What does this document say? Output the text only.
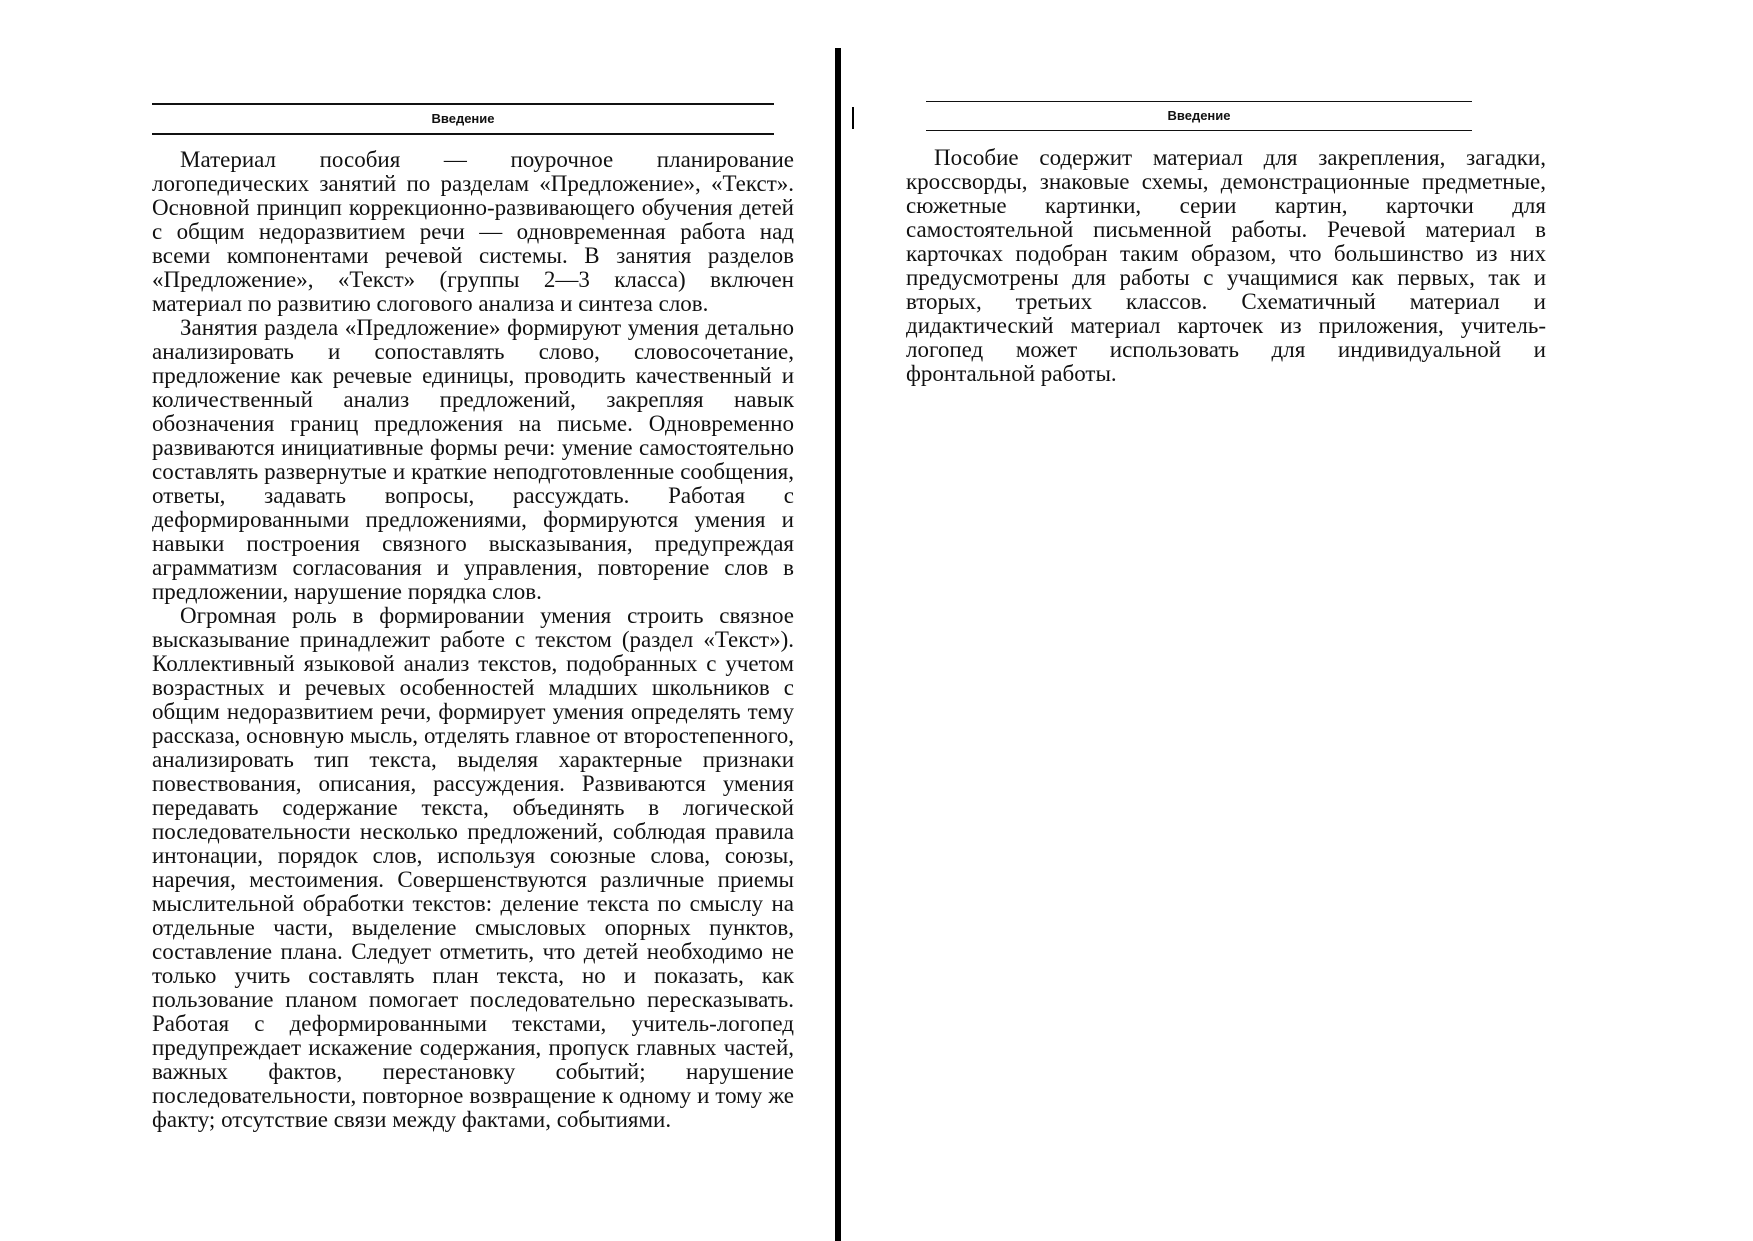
Введение

Материал пособия — поурочное планирование логопедических занятий по разделам «Предложение», «Текст». Основной принцип коррекционно-развивающего обучения детей с общим недоразвитием речи — одновременная работа над всеми компонентами речевой системы. В занятия разделов «Предложение», «Текст» (группы 2—3 класса) включен материал по развитию слогового анализа и синтеза слов.

Занятия раздела «Предложение» формируют умения детально анализировать и сопоставлять слово, словосочетание, предложение как речевые единицы, проводить качественный и количественный анализ предложений, закрепляя навык обозначения границ предложения на письме. Одновременно развиваются инициативные формы речи: умение самостоятельно составлять развернутые и краткие неподготовленные сообщения, ответы, задавать вопросы, рассуждать. Работая с деформированными предложениями, формируются умения и навыки построения связного высказывания, предупреждая аграмматизм согласования и управления, повторение слов в предложении, нарушение порядка слов.

Огромная роль в формировании умения строить связное высказывание принадлежит работе с текстом (раздел «Текст»). Коллективный языковой анализ текстов, подобранных с учетом возрастных и речевых особенностей младших школьников с общим недоразвитием речи, формирует умения определять тему рассказа, основную мысль, отделять главное от второстепенного, анализировать тип текста, выделяя характерные признаки повествования, описания, рассуждения. Развиваются умения передавать содержание текста, объединять в логической последовательности несколько предложений, соблюдая правила интонации, порядок слов, используя союзные слова, союзы, наречия, местоимения. Совершенствуются различные приемы мыслительной обработки текстов: деление текста по смыслу на отдельные части, выделение смысловых опорных пунктов, составление плана. Следует отметить, что детей необходимо не только учить составлять план текста, но и показать, как пользование планом помогает последовательно пересказывать. Работая с деформированными текстами, учитель-логопед предупреждает искажение содержания, пропуск главных частей, важных фактов, перестановку событий; нарушение последовательности, повторное возвращение к одному и тому же факту; отсутствие связи между фактами, событиями.

Введение

Пособие содержит материал для закрепления, загадки, кроссворды, знаковые схемы, демонстрационные предметные, сюжетные картинки, серии картин, карточки для самостоятельной письменной работы. Речевой материал в карточках подобран таким образом, что большинство из них предусмотрены для работы с учащимися как первых, так и вторых, третьих классов. Схематичный материал и дидактический материал карточек из приложения, учитель-логопед может использовать для индивидуальной и фронтальной работы.
